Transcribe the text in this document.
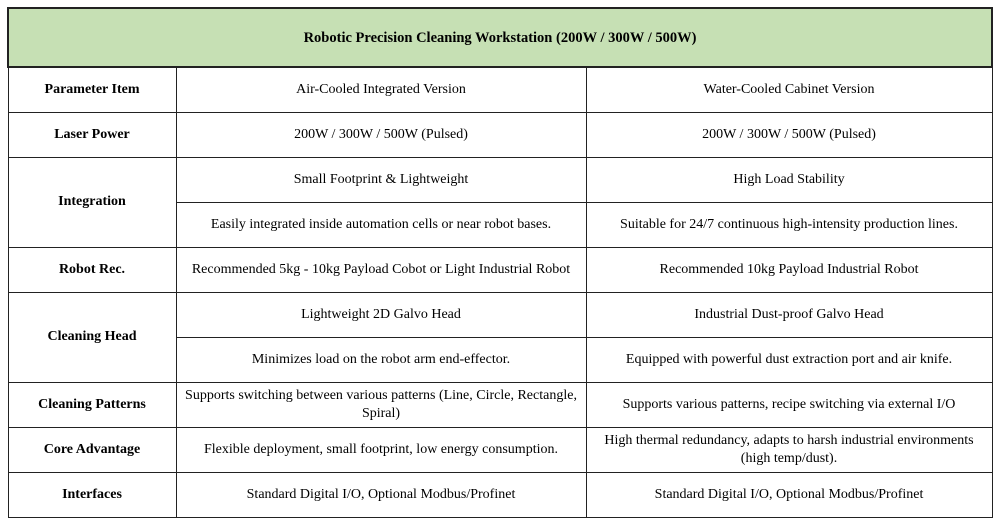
Robotic Precision Cleaning Workstation (200W / 300W / 500W)		
Parameter Item	Air-Cooled Integrated Version	Water-Cooled Cabinet Version
Laser Power	200W / 300W / 500W (Pulsed)	200W / 300W / 500W (Pulsed)
Integration	Small Footprint & Lightweight	High Load Stability
	Easily integrated inside automation cells or near robot bases.	Suitable for 24/7 continuous high-intensity production lines.
Robot Rec.	Recommended 5kg - 10kg Payload Cobot or Light Industrial Robot	Recommended 10kg Payload Industrial Robot
Cleaning Head	Lightweight 2D Galvo Head	Industrial Dust-proof Galvo Head
	Minimizes load on the robot arm end-effector.	Equipped with powerful dust extraction port and air knife.
Cleaning Patterns	Supports switching between various patterns (Line, Circle, Rectangle, Spiral)	Supports various patterns, recipe switching via external I/O
Core Advantage	Flexible deployment, small footprint, low energy consumption.	High thermal redundancy, adapts to harsh industrial environments (high temp/dust).
Interfaces	Standard Digital I/O, Optional Modbus/Profinet	Standard Digital I/O, Optional Modbus/Profinet
